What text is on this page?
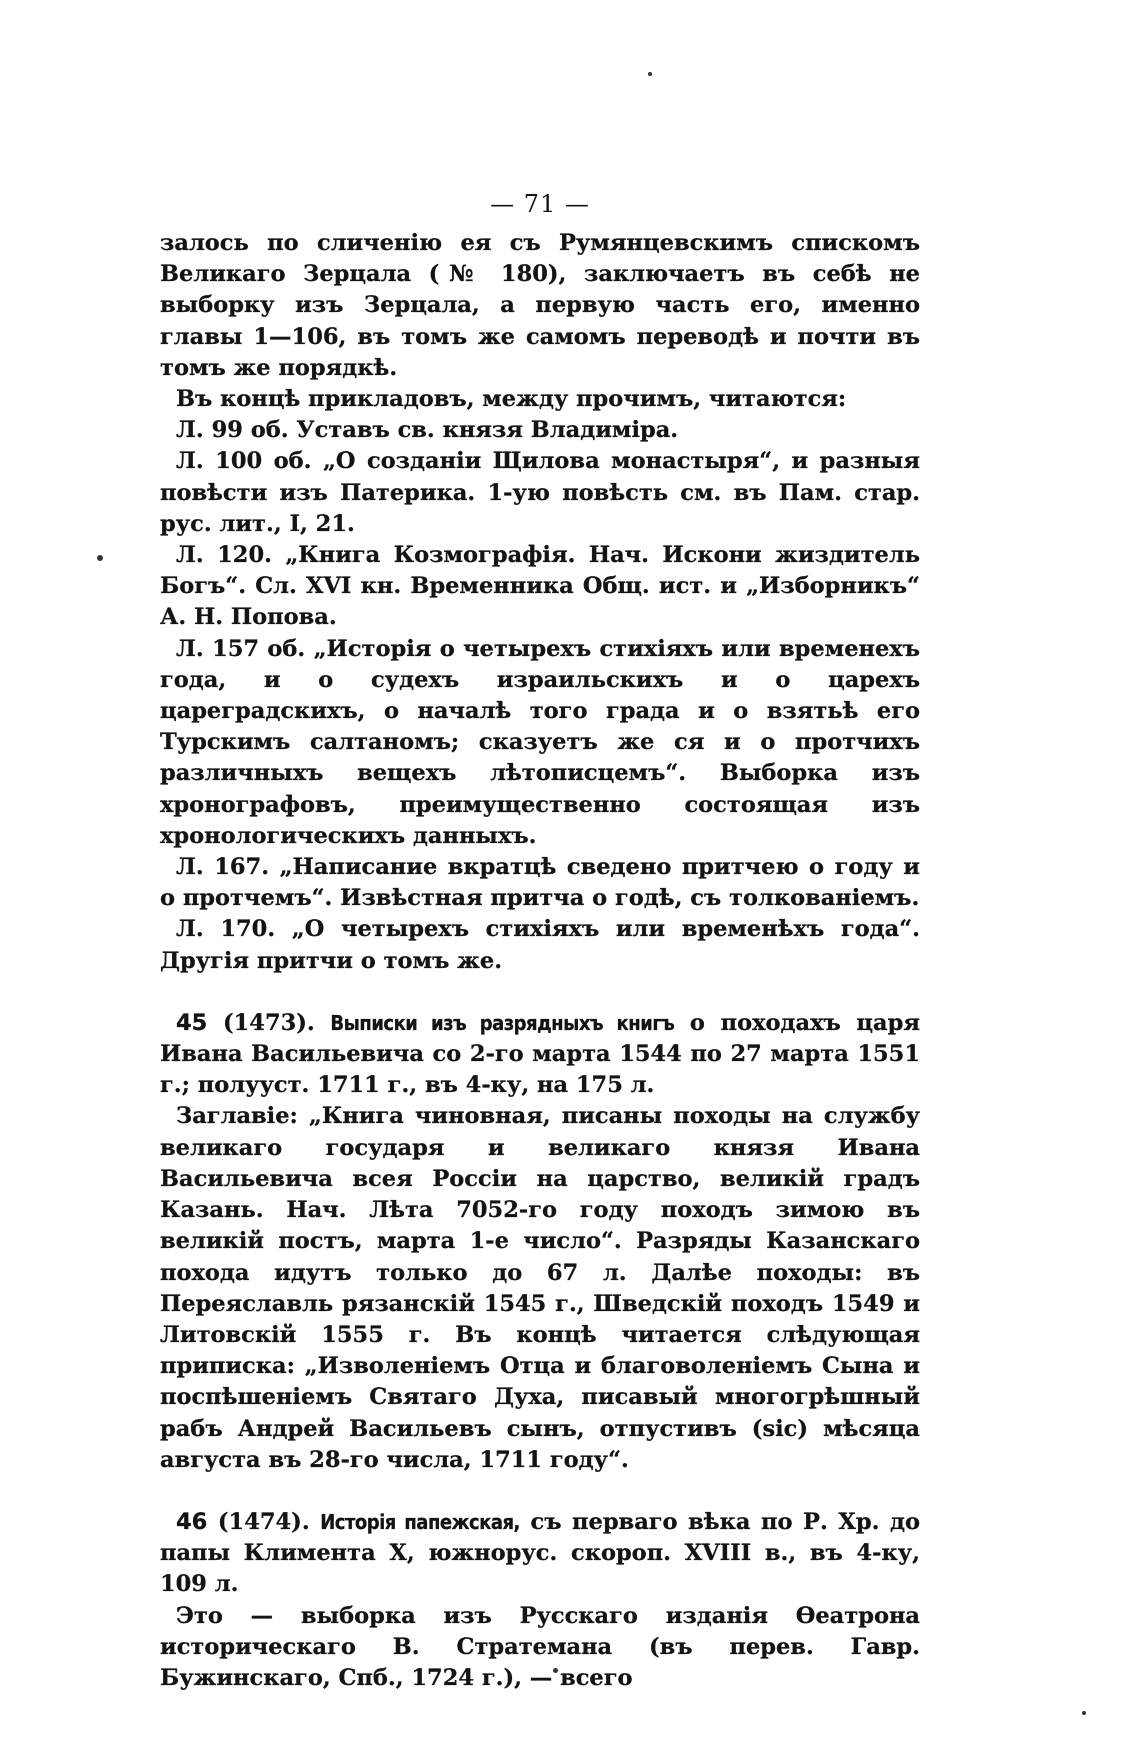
— 71 —

залось по сличенію ея съ Румянцевскимъ спискомъ Великаго Зерцала (№ 180), заключаетъ въ себѣ не выборку изъ Зерцала, а первую часть его, именно главы 1—106, въ томъ же самомъ переводѣ и почти въ томъ же порядкѣ.

Въ концѣ прикладовъ, между прочимъ, читаются:

Л. 99 об. Уставъ св. князя Владиміра.

Л. 100 об. „О созданіи Щилова монастыря“, и разныя повѣсти изъ Патерика. 1-ую повѣсть см. въ Пам. стар. рус. лит., I, 21.

Л. 120. „Книга Козмографія. Нач. Искони жиздитель Богъ“. Сл. XVI кн. Временника Общ. ист. и „Изборникъ“ А. Н. Попова.

Л. 157 об. „Исторія о четырехъ стихіяхъ или временехъ года, и о судехъ израильскихъ и о царехъ цареградскихъ, о началѣ того града и о взятьѣ его Турскимъ салтаномъ; сказуетъ же ся и о протчихъ различныхъ вещехъ лѣтописцемъ“. Выборка изъ хронографовъ, преимущественно состоящая изъ хронологическихъ данныхъ.

Л. 167. „Написание вкратцѣ сведено притчею о году и о протчемъ“. Извѣстная притча о годѣ, съ толкованіемъ.

Л. 170. „О четырехъ стихіяхъ или временѣхъ года“. Другія притчи о томъ же.

45 (1473). Выписки изъ разрядныхъ книгъ о походахъ царя Ивана Васильевича со 2-го марта 1544 по 27 марта 1551 г.; полууст. 1711 г., въ 4-ку, на 175 л.

Заглавіе: „Книга чиновная, писаны походы на службу великаго государя и великаго князя Ивана Васильевича всея Россіи на царство, великій градъ Казань. Нач. Лѣта 7052-го году походъ зимою въ великій постъ, марта 1-е число“. Разряды Казанскаго похода идутъ только до 67 л. Далѣе походы: въ Переяславль рязанскій 1545 г., Шведскій походъ 1549 и Литовскій 1555 г. Въ концѣ читается слѣдующая приписка: „Изволеніемъ Отца и благоволеніемъ Сына и поспѣшеніемъ Святаго Духа, писавый многогрѣшный рабъ Андрей Васильевъ сынъ, отпустивъ (sic) мѣсяца августа въ 28-го числа, 1711 году“.

46 (1474). Исторія папежская, съ перваго вѣка по Р. Хр. до папы Климента X, южнорус. скороп. XVIII в., въ 4-ку, 109 л.

Это — выборка изъ Русскаго изданія Ѳеатрона историческаго В. Стратемана (въ перев. Гавр. Бужинскаго, Спб., 1724 г.), — всего
